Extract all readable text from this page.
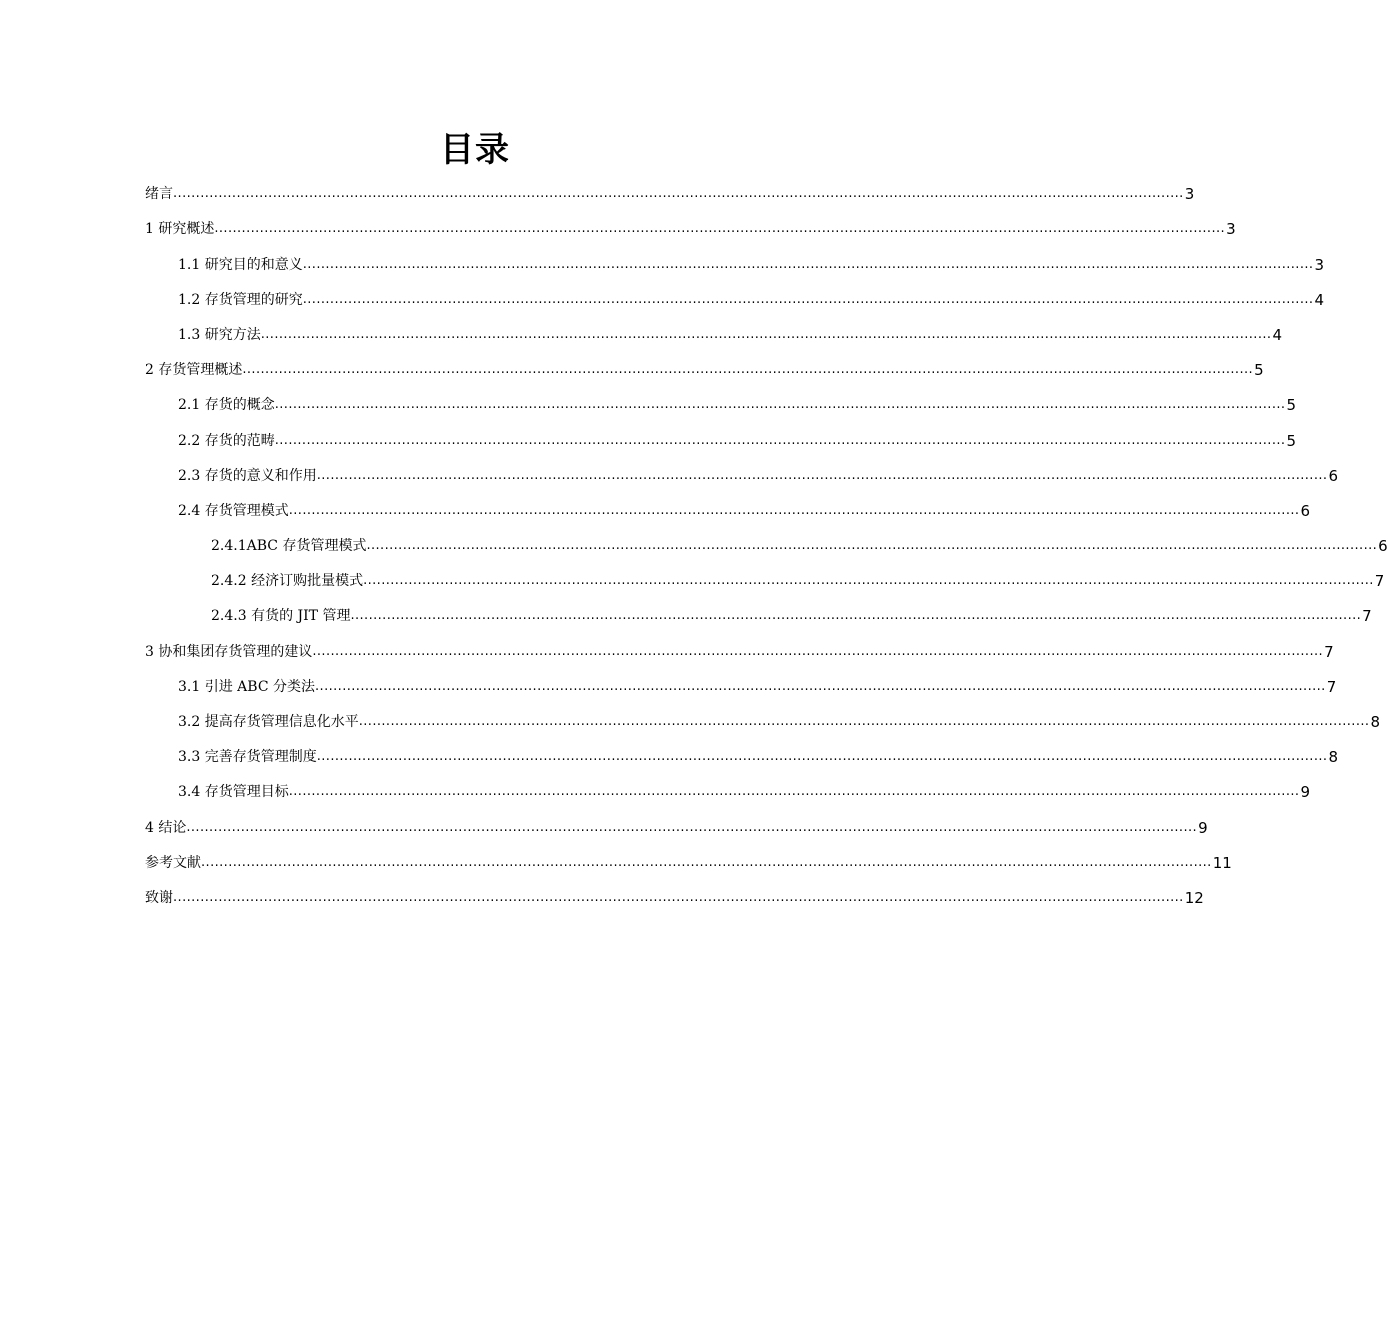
目录
绪言 ............................................................................................................................................................................................................................... 3
1 研究概述 ............................................................................................................................................................................................................................... 3
1.1 研究目的和意义 ............................................................................................................................................................................................................................... 3
1.2 存货管理的研究 ............................................................................................................................................................................................................................... 4
1.3 研究方法 ............................................................................................................................................................................................................................... 4
2 存货管理概述 ............................................................................................................................................................................................................................... 5
2.1 存货的概念 ............................................................................................................................................................................................................................... 5
2.2 存货的范畴 ............................................................................................................................................................................................................................... 5
2.3 存货的意义和作用 ............................................................................................................................................................................................................................... 6
2.4 存货管理模式 ............................................................................................................................................................................................................................... 6
2.4.1ABC 存货管理模式 ............................................................................................................................................................................................................................... 6
2.4.2 经济订购批量模式 ............................................................................................................................................................................................................................... 7
2.4.3 有货的 JIT 管理 ............................................................................................................................................................................................................................... 7
3 协和集团存货管理的建议 ............................................................................................................................................................................................................................... 7
3.1 引进 ABC 分类法 ............................................................................................................................................................................................................................... 7
3.2 提高存货管理信息化水平 ............................................................................................................................................................................................................................... 8
3.3 完善存货管理制度 ............................................................................................................................................................................................................................... 8
3.4 存货管理目标 ............................................................................................................................................................................................................................... 9
4 结论 ............................................................................................................................................................................................................................... 9
参考文献 ............................................................................................................................................................................................................................... 11
致谢 ............................................................................................................................................................................................................................... 12
